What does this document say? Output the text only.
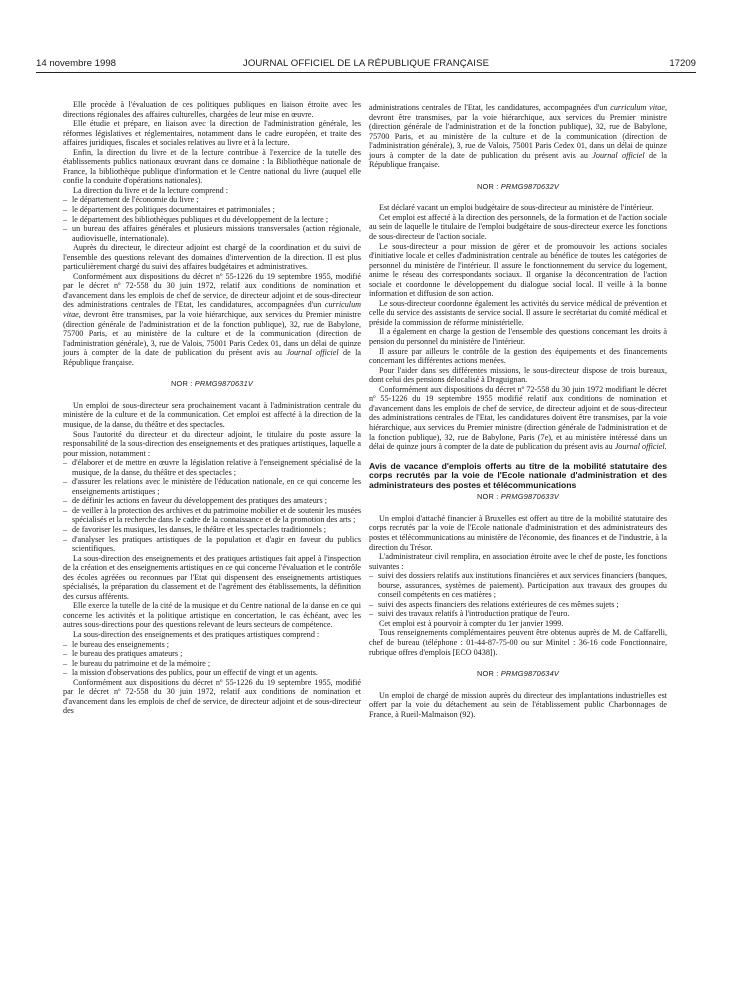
14 novembre 1998	JOURNAL OFFICIEL DE LA RÉPUBLIQUE FRANÇAISE	17209

Elle procède à l'évaluation de ces politiques publiques en liaison étroite avec les directions régionales des affaires culturelles, chargées de leur mise en œuvre.

Elle étudie et prépare, en liaison avec la direction de l'administration générale, les réformes législatives et réglementaires, notamment dans le cadre européen, et traite des affaires juridiques, fiscales et sociales relatives au livre et à la lecture.

Enfin, la direction du livre et de la lecture contribue à l'exercice de la tutelle des établissements publics nationaux œuvrant dans ce domaine : la Bibliothèque nationale de France, la bibliothèque publique d'information et le Centre national du livre (auquel elle confie la conduite d'opérations nationales).

La direction du livre et de la lecture comprend :

– le département de l'économie du livre ;
– le département des politiques documentaires et patrimoniales ;
– le département des bibliothèques publiques et du développement de la lecture ;
– un bureau des affaires générales et plusieurs missions transversales (action régionale, audiovisuelle, internationale).

Auprès du directeur, le directeur adjoint est chargé de la coordination et du suivi de l'ensemble des questions relevant des domaines d'intervention de la direction. Il est plus particulièrement chargé du suivi des affaires budgétaires et administratives.

Conformément aux dispositions du décret nº 55-1226 du 19 septembre 1955, modifié par le décret nº 72-558 du 30 juin 1972, relatif aux conditions de nomination et d'avancement dans les emplois de chef de service, de directeur adjoint et de sous-directeur des administrations centrales de l'Etat, les candidatures, accompagnées d'un curriculum vitae, devront être transmises, par la voie hiérarchique, aux services du Premier ministre (direction générale de l'administration et de la fonction publique), 32, rue de Babylone, 75700 Paris, et au ministère de la culture et de la communication (direction de l'administration générale), 3, rue de Valois, 75001 Paris Cedex 01, dans un délai de quinze jours à compter de la date de publication du présent avis au Journal officiel de la République française.

NOR : PRMG9870631V

Un emploi de sous-directeur sera prochainement vacant à l'administration centrale du ministère de la culture et de la communication. Cet emploi est affecté à la direction de la musique, de la danse, du théâtre et des spectacles.

Sous l'autorité du directeur et du directeur adjoint, le titulaire du poste assure la responsabilité de la sous-direction des enseignements et des pratiques artistiques, laquelle a pour mission, notamment :

– d'élaborer et de mettre en œuvre la législation relative à l'enseignement spécialisé de la musique, de la danse, du théâtre et des spectacles ;
– d'assurer les relations avec le ministère de l'éducation nationale, en ce qui concerne les enseignements artistiques ;
– de définir les actions en faveur du développement des pratiques des amateurs ;
– de veiller à la protection des archives et du patrimoine mobilier et de soutenir les musées spécialisés et la recherche dans le cadre de la connaissance et de la promotion des arts ;
– de favoriser les musiques, les danses, le théâtre et les spectacles traditionnels ;
– d'analyser les pratiques artistiques de la population et d'agir en faveur du publics scientifiques.

La sous-direction des enseignements et des pratiques artistiques fait appel à l'inspection de la création et des enseignements artistiques en ce qui concerne l'évaluation et le contrôle des écoles agréées ou reconnues par l'Etat qui dispensent des enseignements artistiques spécialisés, la préparation du classement et de l'agrément des établissements, la définition des cursus afférents.

Elle exerce la tutelle de la cité de la musique et du Centre national de la danse en ce qui concerne les activités et la politique artistique en concertation, le cas échéant, avec les autres sous-directions pour des questions relevant de leurs secteurs de compétence.

La sous-direction des enseignements et des pratiques artistiques comprend :

– le bureau des enseignements ;
– le bureau des pratiques amateurs ;
– le bureau du patrimoine et de la mémoire ;
– la mission d'observations des publics, pour un effectif de vingt et un agents.

Conformément aux dispositions du décret nº 55-1226 du 19 septembre 1955, modifié par le décret nº 72-558 du 30 juin 1972, relatif aux conditions de nomination et d'avancement dans les emplois de chef de service, de directeur adjoint et de sous-directeur des

administrations centrales de l'Etat, les candidatures, accompagnées d'un curriculum vitae, devront être transmises, par la voie hiérarchique, aux services du Premier ministre (direction générale de l'administration et de la fonction publique), 32, rue de Babylone, 75700 Paris, et au ministère de la culture et de la communication (direction de l'administration générale), 3, rue de Valois, 75001 Paris Cedex 01, dans un délai de quinze jours à compter de la date de publication du présent avis au Journal officiel de la République française.

NOR : PRMG9870632V

Est déclaré vacant un emploi budgétaire de sous-directeur au ministère de l'intérieur.

Cet emploi est affecté à la direction des personnels, de la formation et de l'action sociale au sein de laquelle le titulaire de l'emploi budgétaire de sous-directeur exerce les fonctions de sous-directeur de l'action sociale.

Le sous-directeur a pour mission de gérer et de promouvoir les actions sociales d'initiative locale et celles d'administration centrale au bénéfice de toutes les catégories de personnel du ministère de l'intérieur. Il assure le fonctionnement du service du logement, anime le réseau des correspondants sociaux. Il organise la déconcentration de l'action sociale et coordonne le développement du dialogue social local. Il veille à la bonne information et diffusion de son action.

Le sous-directeur coordonne également les activités du service médical de prévention et celle du service des assistants de service social. Il assure le secrétariat du comité médical et préside la commission de réforme ministérielle.

Il a également en charge la gestion de l'ensemble des questions concernant les droits à pension du personnel du ministère de l'intérieur.

Il assure par ailleurs le contrôle de la gestion des équipements et des financements concernant les différentes actions menées.

Pour l'aider dans ses différentes missions, le sous-directeur dispose de trois bureaux, dont celui des pensions délocalisé à Draguignan.

Conformément aux dispositions du décret nº 72-558 du 30 juin 1972 modifiant le décret nº 55-1226 du 19 septembre 1955 modifié relatif aux conditions de nomination et d'avancement dans les emplois de chef de service, de directeur adjoint et de sous-directeur des administrations centrales de l'Etat, les candidatures doivent être transmises, par la voie hiérarchique, aux services du Premier ministre (direction générale de l'administration et de la fonction publique), 32, rue de Babylone, Paris (7e), et au ministère intéressé dans un délai de quinze jours à compter de la date de publication du présent avis au Journal officiel.

Avis de vacance d'emplois offerts au titre de la mobilité statutaire des corps recrutés par la voie de l'Ecole nationale d'administration et des administrateurs des postes et télécommunications
NOR : PRMG9870633V

Un emploi d'attaché financier à Bruxelles est offert au titre de la mobilité statutaire des corps recrutés par la voie de l'Ecole nationale d'administration et des administrateurs des postes et télécommunications au ministère de l'économie, des finances et de l'industrie, à la direction du Trésor.

L'administrateur civil remplira, en association étroite avec le chef de poste, les fonctions suivantes :

– suivi des dossiers relatifs aux institutions financières et aux services financiers (banques, bourse, assurances, systèmes de paiement). Participation aux travaux des groupes du conseil compétents en ces matières ;
– suivi des aspects financiers des relations extérieures de ces mêmes sujets ;
– suivi des travaux relatifs à l'introduction pratique de l'euro.

Cet emploi est à pourvoir à compter du 1er janvier 1999.

Tous renseignements complémentaires peuvent être obtenus auprès de M. de Caffarelli, chef de bureau (téléphone : 01-44-87-75-00 ou sur Minitel : 36-16 code Fonctionnaire, rubrique offres d'emplois [ECO 0438]).

NOR : PRMG9870634V

Un emploi de chargé de mission auprès du directeur des implantations industrielles est offert par la voie du détachement au sein de l'établissement public Charbonnages de France, à Rueil-Malmaison (92).
